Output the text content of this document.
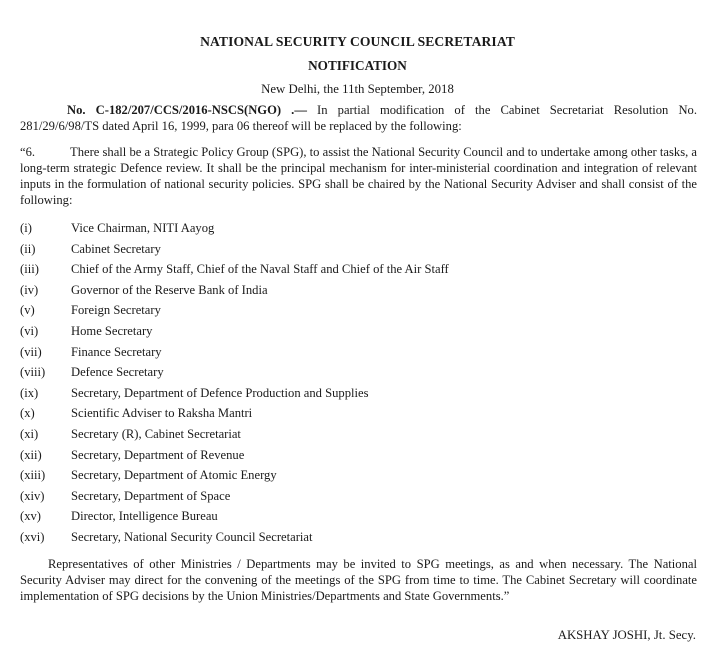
NATIONAL SECURITY COUNCIL SECRETARIAT
NOTIFICATION
New Delhi, the 11th September, 2018
No. C-182/207/CCS/2016-NSCS(NGO) .— In partial modification of the Cabinet Secretariat Resolution No. 281/29/6/98/TS dated April 16, 1999, para 06 thereof will be replaced by the following:
“6.	There shall be a Strategic Policy Group (SPG), to assist the National Security Council and to undertake among other tasks, a long-term strategic Defence review. It shall be the principal mechanism for inter-ministerial coordination and integration of relevant inputs in the formulation of national security policies. SPG shall be chaired by the National Security Adviser and shall consist of the following:
(i)	Vice Chairman, NITI Aayog
(ii)	Cabinet Secretary
(iii)	Chief of the Army Staff, Chief of the Naval Staff and Chief of the Air Staff
(iv)	Governor of the Reserve Bank of India
(v)	Foreign Secretary
(vi)	Home Secretary
(vii) Finance Secretary
(viii) Defence Secretary
(ix)	Secretary, Department of Defence Production and Supplies
(x)	Scientific Adviser to Raksha Mantri
(xi)	Secretary (R), Cabinet Secretariat
(xii) Secretary, Department of Revenue
(xiii) Secretary, Department of Atomic Energy
(xiv) Secretary, Department of Space
(xv) Director, Intelligence Bureau
(xvi) Secretary, National Security Council Secretariat
Representatives of other Ministries / Departments may be invited to SPG meetings, as and when necessary. The National Security Adviser may direct for the convening of the meetings of the SPG from time to time. The Cabinet Secretary will coordinate implementation of SPG decisions by the Union Ministries/Departments and State Governments.”
AKSHAY JOSHI, Jt. Secy.
